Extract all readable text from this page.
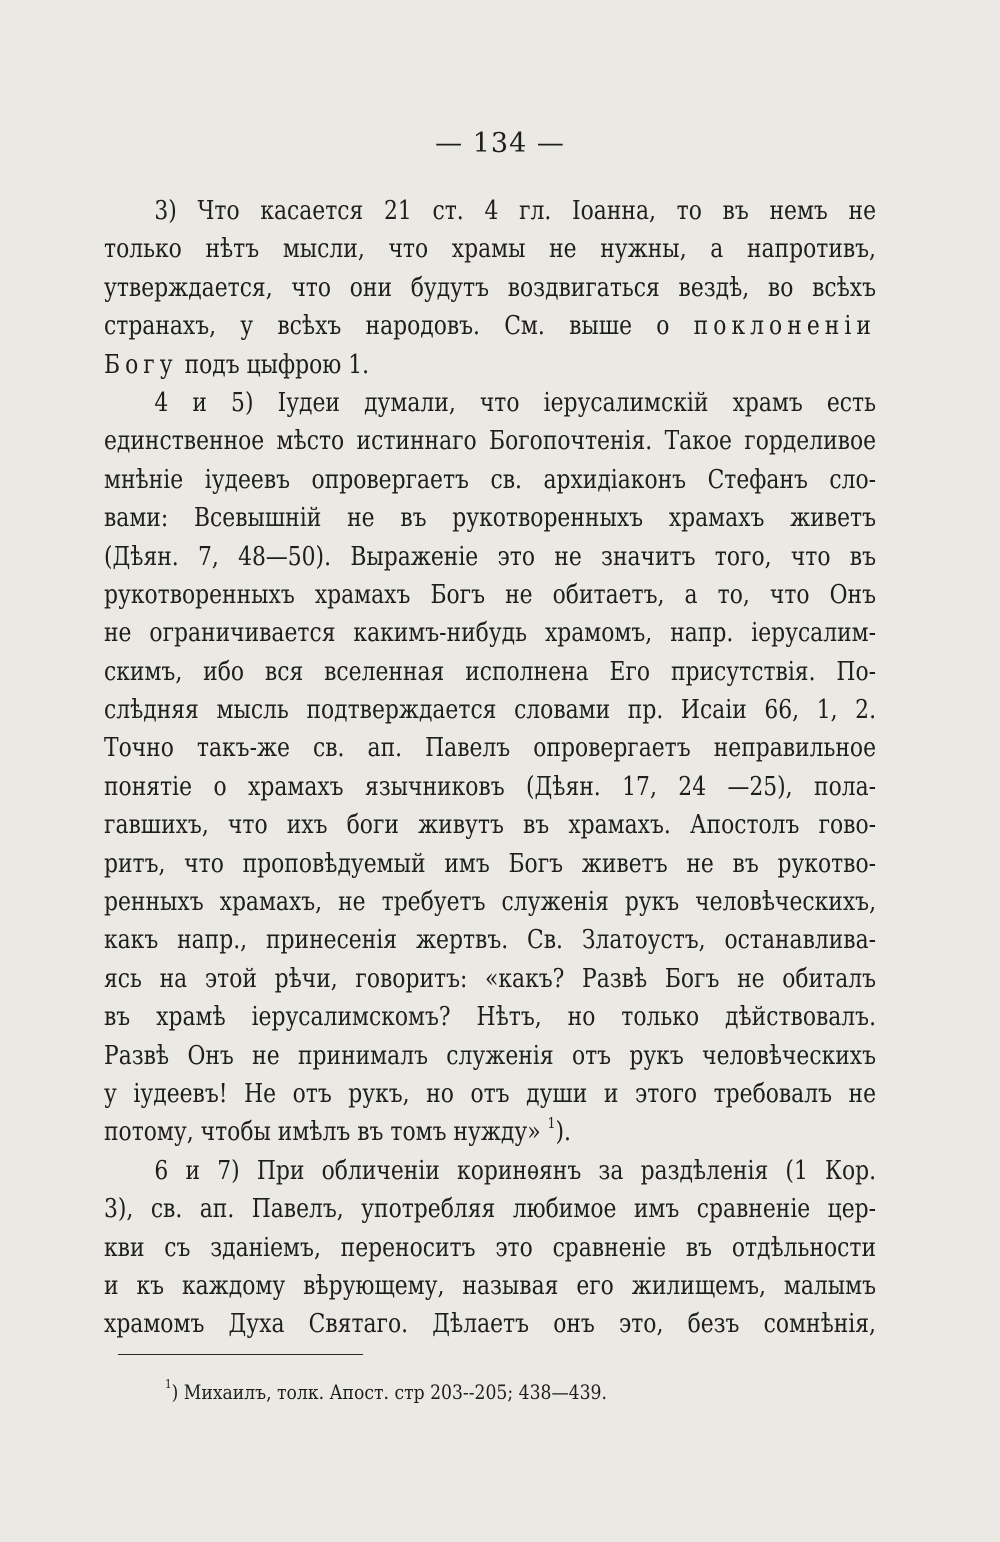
— 134 —
3) Что касается 21 ст. 4 гл. Іоанна, то въ немъ не
только нѣтъ мысли, что храмы не нужны, а напротивъ,
утверждается, что они будутъ воздвигаться вездѣ, во всѣхъ
странахъ, у всѣхъ народовъ. См. выше о поклоненіи
Богу подъ цыфрою 1.
4 и 5) Іудеи думали, что іерусалимскій храмъ есть
единственное мѣсто истиннаго Богопочтенія. Такое горделивое
мнѣніе іудеевъ опровергаетъ св. архидіаконъ Стефанъ сло-
вами: Всевышній не въ рукотворенныхъ храмахъ живетъ
(Дѣян. 7, 48—50). Выраженіе это не значитъ того, что въ
рукотворенныхъ храмахъ Богъ не обитаетъ, а то, что Онъ
не ограничивается какимъ-нибудь храмомъ, напр. іерусалим-
скимъ, ибо вся вселенная исполнена Его присутствія. По-
слѣдняя мысль подтверждается словами пр. Исаіи 66, 1, 2.
Точно такъ-же св. ап. Павелъ опровергаетъ неправильное
понятіе о храмахъ язычниковъ (Дѣян. 17, 24 —25), пола-
гавшихъ, что ихъ боги живутъ въ храмахъ. Апостолъ гово-
ритъ, что проповѣдуемый имъ Богъ живетъ не въ рукотво-
ренныхъ храмахъ, не требуетъ служенія рукъ человѣческихъ,
какъ напр., принесенія жертвъ. Св. Златоустъ, останавлива-
ясь на этой рѣчи, говоритъ: «какъ? Развѣ Богъ не обиталъ
въ храмѣ іерусалимскомъ? Нѣтъ, но только дѣйствовалъ.
Развѣ Онъ не принималъ служенія отъ рукъ человѣческихъ
у іудеевъ! Не отъ рукъ, но отъ души и этого требовалъ не
потому, чтобы имѣлъ въ томъ нужду» $^1$).
6 и 7) При обличеніи коринѳянъ за раздѣленія (1 Кор.
3), св. ап. Павелъ, употребляя любимое имъ сравненіе цер-
кви съ зданіемъ, переноситъ это сравненіе въ отдѣльности
и къ каждому вѣрующему, называя его жилищемъ, малымъ
храмомъ Духа Святаго. Дѣлаетъ онъ это, безъ сомнѣнія,
$^1$) Михаилъ, толк. Апост. стр 203--205; 438—439.
